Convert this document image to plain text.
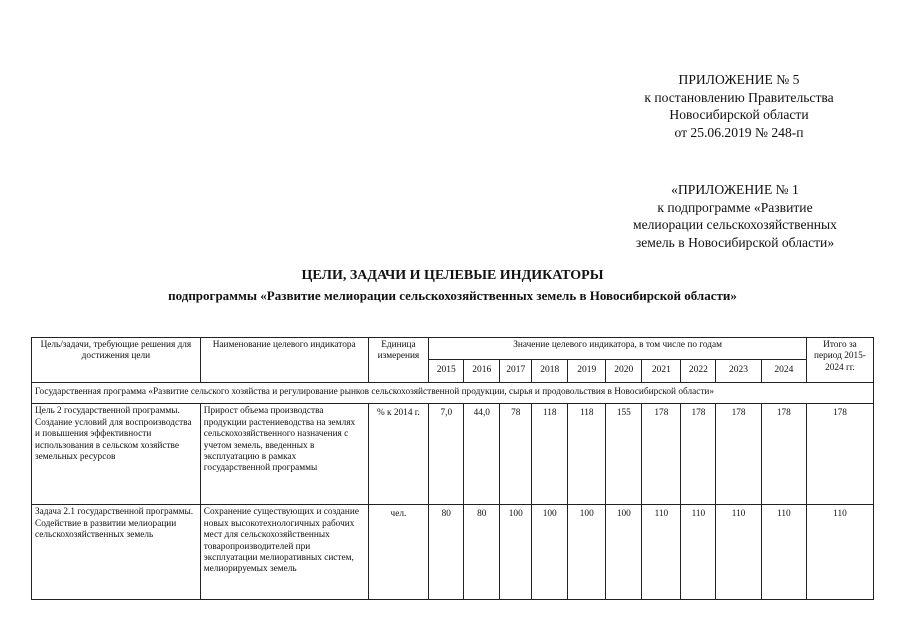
ПРИЛОЖЕНИЕ № 5
к постановлению Правительства
Новосибирской области
от 25.06.2019 № 248-п
«ПРИЛОЖЕНИЕ № 1
к подпрограмме «Развитие
мелиорации сельскохозяйственных
земель в Новосибирской области»
ЦЕЛИ, ЗАДАЧИ И ЦЕЛЕВЫЕ ИНДИКАТОРЫ
подпрограммы «Развитие мелиорации сельскохозяйственных земель в Новосибирской области»
Цель/задачи, требующие решения для достижения цели	Наименование целевого индикатора	Единица измерения	Значение целевого индикатора, в том числе по годам										Итого за период 2015-2024 гг.
			2015	2016	2017	2018	2019	2020	2021	2022	2023	2024	
Государственная программа «Развитие сельского хозяйства и регулирование рынков сельскохозяйственной продукции, сырья и продовольствия в Новосибирской области»													
Цель 2 государственной программы. Создание условий для воспроизводства и повышения эффективности использования в сельском хозяйстве земельных ресурсов	Прирост объема производства продукции растениеводства на землях сельскохозяйственного назначения с учетом земель, введенных в эксплуатацию в рамках государственной программы	% к 2014 г.	7,0	44,0	78	118	118	155	178	178	178	178	178
Задача 2.1 государственной программы. Содействие в развитии мелиорации сельскохозяйственных земель	Сохранение существующих и создание новых высокотехнологичных рабочих мест для сельскохозяйственных товаропроизводителей при эксплуатации мелиоративных систем, мелиорируемых земель	чел.	80	80	100	100	100	100	110	110	110	110	110
